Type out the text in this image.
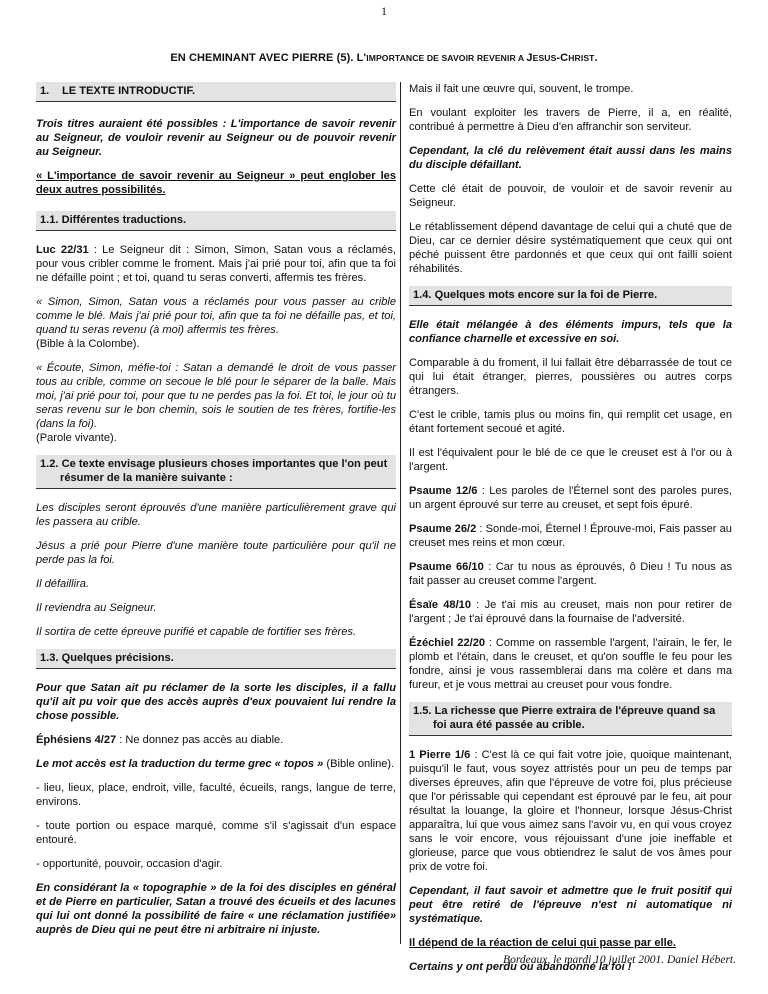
1
EN CHEMINANT AVEC PIERRE (5). L'IMPORTANCE DE SAVOIR REVENIR A JESUS-CHRIST.
1. LE TEXTE INTRODUCTIF.

Trois titres auraient été possibles : L'importance de savoir revenir au Seigneur, de vouloir revenir au Seigneur ou de pouvoir revenir au Seigneur.

« L'importance de savoir revenir au Seigneur » peut englober les deux autres possibilités.

1.1. Différentes traductions.

Luc 22/31 : Le Seigneur dit : Simon, Simon, Satan vous a réclamés, pour vous cribler comme le froment. Mais j'ai prié pour toi, afin que ta foi ne défaille point ; et toi, quand tu seras converti, affermis tes frères.

« Simon, Simon, Satan vous a réclamés pour vous passer au crible comme le blé. Mais j'ai prié pour toi, afin que ta foi ne défaille pas, et toi, quand tu seras revenu (à moi) affermis tes frères.
(Bible à la Colombe).

« Écoute, Simon, méfie-toi : Satan a demandé le droit de vous passer tous au crible, comme on secoue le blé pour le séparer de la balle. Mais moi, j'ai prié pour toi, pour que tu ne perdes pas la foi. Et toi, le jour où tu seras revenu sur le bon chemin, sois le soutien de tes frères, fortifie-les (dans la foi).
(Parole vivante).

1.2. Ce texte envisage plusieurs choses importantes que l'on peut résumer de la manière suivante :

Les disciples seront éprouvés d'une manière particulièrement grave qui les passera au crible.

Jésus a prié pour Pierre d'une manière toute particulière pour qu'il ne perde pas la foi.

Il défaillira.

Il reviendra au Seigneur.

Il sortira de cette épreuve purifié et capable de fortifier ses frères.

1.3. Quelques précisions.

Pour que Satan ait pu réclamer de la sorte les disciples, il a fallu qu'il ait pu voir que des accès auprès d'eux pouvaient lui rendre la chose possible.

Éphésiens 4/27 : Ne donnez pas accès au diable.

Le mot accès est la traduction du terme grec « topos » (Bible online).

- lieu, lieux, place, endroit, ville, faculté, écueils, rangs, langue de terre, environs.

- toute portion ou espace marqué, comme s'il s'agissait d'un espace entouré.

- opportunité, pouvoir, occasion d'agir.

En considérant la « topographie » de la foi des disciples en général et de Pierre en particulier, Satan a trouvé des écueils et des lacunes qui lui ont donné la possibilité de faire « une réclamation justifiée» auprès de Dieu qui ne peut être ni arbitraire ni injuste.

Mais il fait une œuvre qui, souvent, le trompe.

En voulant exploiter les travers de Pierre, il a, en réalité, contribué à permettre à Dieu d'en affranchir son serviteur.

Cependant, la clé du relèvement était aussi dans les mains du disciple défaillant.

Cette clé était de pouvoir, de vouloir et de savoir revenir au Seigneur.

Le rétablissement dépend davantage de celui qui a chuté que de Dieu, car ce dernier désire systématiquement que ceux qui ont péché puissent être pardonnés et que ceux qui ont failli soient réhabilités.

1.4. Quelques mots encore sur la foi de Pierre.

Elle était mélangée à des éléments impurs, tels que la confiance charnelle et excessive en soi.

Comparable à du froment, il lui fallait être débarrassée de tout ce qui lui était étranger, pierres, poussières ou autres corps étrangers.

C'est le crible, tamis plus ou moins fin, qui remplit cet usage, en étant fortement secoué et agité.

Il est l'équivalent pour le blé de ce que le creuset est à l'or ou à l'argent.

Psaume 12/6 : Les paroles de l'Éternel sont des paroles pures, un argent éprouvé sur terre au creuset, et sept fois épuré.

Psaume 26/2 : Sonde-moi, Éternel ! Éprouve-moi, Fais passer au creuset mes reins et mon cœur.

Psaume 66/10 : Car tu nous as éprouvés, ô Dieu ! Tu nous as fait passer au creuset comme l'argent.

Ésaïe 48/10 : Je t'ai mis au creuset, mais non pour retirer de l'argent ; Je t'ai éprouvé dans la fournaise de l'adversité.

Ézéchiel 22/20 : Comme on rassemble l'argent, l'airain, le fer, le plomb et l'étain, dans le creuset, et qu'on souffle le feu pour les fondre, ainsi je vous rassemblerai dans ma colère et dans ma fureur, et je vous mettrai au creuset pour vous fondre.

1.5. La richesse que Pierre extraira de l'épreuve quand sa foi aura été passée au crible.

1 Pierre 1/6 : C'est là ce qui fait votre joie, quoique maintenant, puisqu'il le faut, vous soyez attristés pour un peu de temps par diverses épreuves, afin que l'épreuve de votre foi, plus précieuse que l'or périssable qui cependant est éprouvé par le feu, ait pour résultat la louange, la gloire et l'honneur, lorsque Jésus-Christ apparaîtra, lui que vous aimez sans l'avoir vu, en qui vous croyez sans le voir encore, vous réjouissant d'une joie ineffable et glorieuse, parce que vous obtiendrez le salut de vos âmes pour prix de votre foi.

Cependant, il faut savoir et admettre que le fruit positif qui peut être retiré de l'épreuve n'est ni automatique ni systématique.

Il dépend de la réaction de celui qui passe par elle.

Certains y ont perdu ou abandonné la foi !

Bordeaux, le mardi 10 juillet 2001. Daniel Hébert.
